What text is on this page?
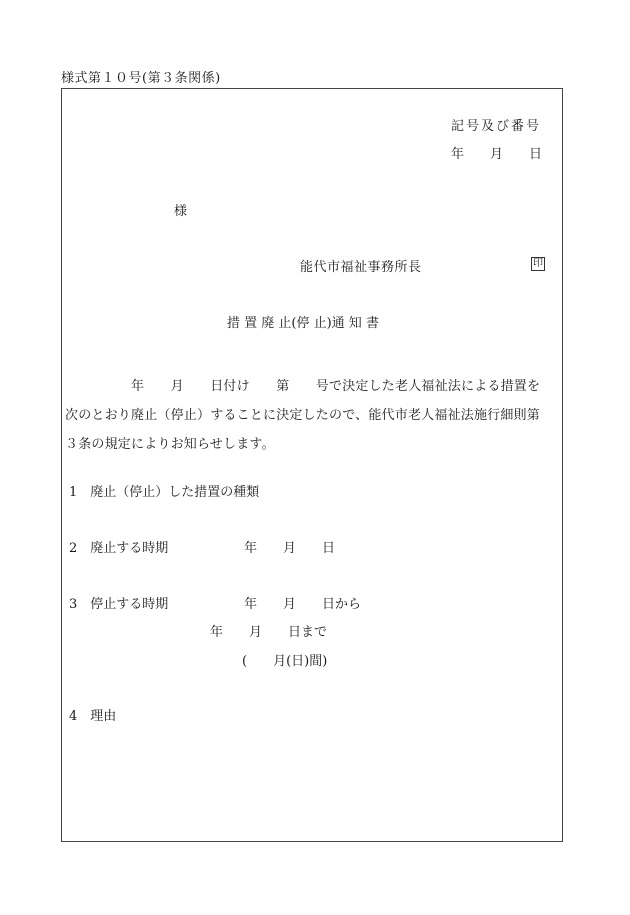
様式第１０号(第３条関係)
記号及び番号
年　　月　　日
様
能代市福祉事務所長	印
措 置 廃 止(停 止)通 知 書
　　　　　年　　月　　日付け　　第　　号で決定した老人福祉法による措置を
次のとおり廃止（停止）することに決定したので、能代市老人福祉法施行細則第
３条の規定によりお知らせします。
1　廃止（停止）した措置の種類
2　廃止する時期	年　　月　　日
3　停止する時期	年　　月　　日から
年　　月　　日まで
(　　月(日)間)
4　理由
